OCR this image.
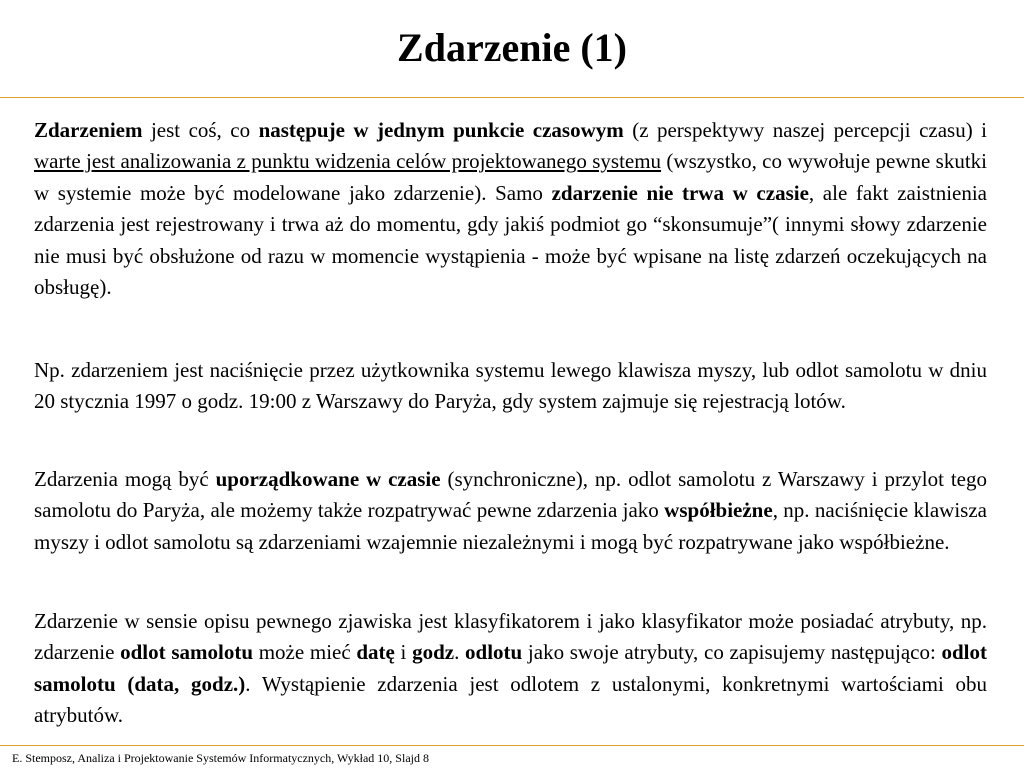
Zdarzenie (1)

Zdarzeniem jest coś, co następuje w jednym punkcie czasowym (z perspektywy naszej percepcji czasu) i warte jest analizowania z punktu widzenia celów projektowanego systemu (wszystko, co wywołuje pewne skutki w systemie może być modelowane jako zdarzenie). Samo zdarzenie nie trwa w czasie, ale fakt zaistnienia zdarzenia jest rejestrowany i trwa aż do momentu, gdy jakiś podmiot go “skonsumuje”( innymi słowy zdarzenie nie musi być obsłużone od razu w momencie wystąpienia - może być wpisane na listę zdarzeń oczekujących na obsługę).

Np. zdarzeniem jest naciśnięcie przez użytkownika systemu lewego klawisza myszy, lub odlot samolotu w dniu 20 stycznia 1997 o godz. 19:00 z Warszawy do Paryża, gdy system zajmuje się rejestracją lotów.

Zdarzenia mogą być uporządkowane w czasie (synchroniczne), np. odlot samolotu z Warszawy i przylot tego samolotu do Paryża, ale możemy także rozpatrywać pewne zdarzenia jako współbieżne, np. naciśnięcie klawisza myszy i odlot samolotu są zdarzeniami wzajemnie niezależnymi i mogą być rozpatrywane jako współbieżne.

Zdarzenie w sensie opisu pewnego zjawiska jest klasyfikatorem i jako klasyfikator może posiadać atrybuty, np. zdarzenie odlot samolotu może mieć datę i godz. odlotu jako swoje atrybuty, co zapisujemy następująco: odlot samolotu (data, godz.). Wystąpienie zdarzenia jest odlotem z ustalonymi, konkretnymi wartościami obu atrybutów.

E. Stemposz, Analiza i Projektowanie Systemów Informatycznych, Wykład 10, Slajd 8
